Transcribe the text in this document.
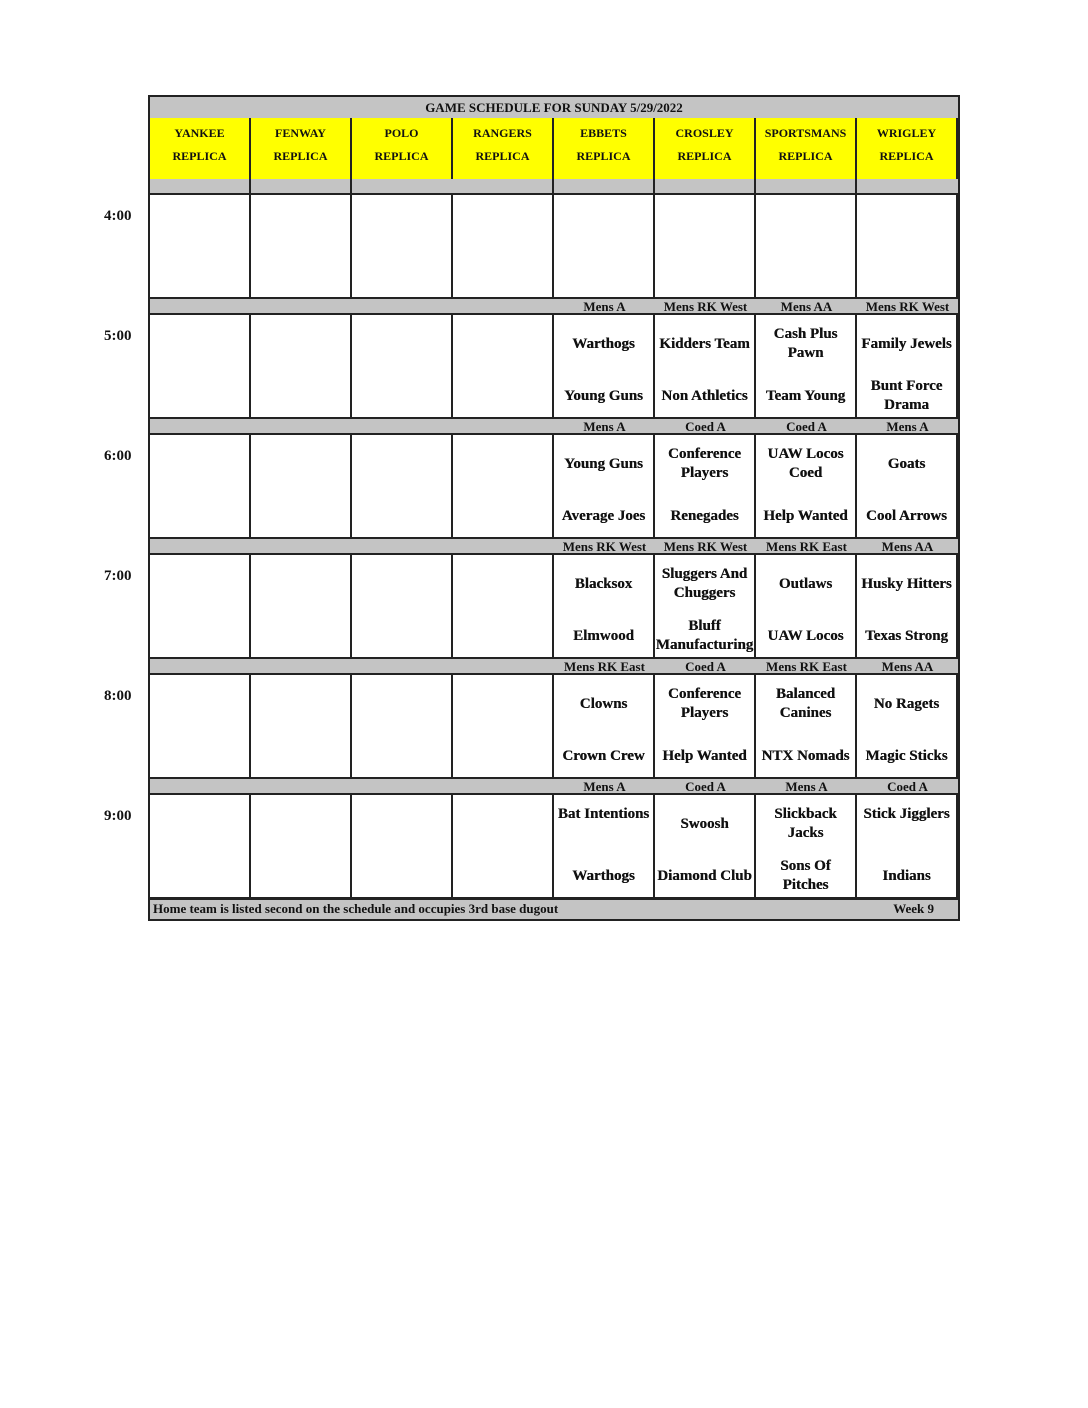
GAME SCHEDULE FOR SUNDAY 5/29/2022
YANKEE
REPLICA
FENWAY
REPLICA
POLO
REPLICA
RANGERS
REPLICA
EBBETS
REPLICA
Mens A
Warthogs
Young Guns
Mens A
Young Guns
Average Joes
Mens RK West
Blacksox
Elmwood
Mens RK East
Clowns
Crown Crew
Mens A
Bat Intentions
Warthogs
CROSLEY
REPLICA
Mens RK West
Kidders Team
Non Athletics
Coed A
Conference Players
Renegades
Mens RK West
Sluggers And Chuggers
Bluff Manufacturing
Coed A
Conference Players
Help Wanted
Coed A
Swoosh
Diamond Club
SPORTSMANS
REPLICA
Mens AA
Cash Plus Pawn
Team Young
Coed A
UAW Locos Coed
Help Wanted
Mens RK East
Outlaws
UAW Locos
Mens RK East
Balanced Canines
NTX Nomads
Mens A
Slickback Jacks
Sons Of Pitches
WRIGLEY
REPLICA
Mens RK West
Family Jewels
Bunt Force Drama
Mens A
Goats
Cool Arrows
Mens AA
Husky Hitters
Texas Strong
Mens AA
No Ragets
Magic Sticks
Coed A
Stick Jigglers
Indians
Home team is listed second on the schedule and occupies 3rd base dugout	Week 9
4:00
5:00
6:00
7:00
8:00
9:00
